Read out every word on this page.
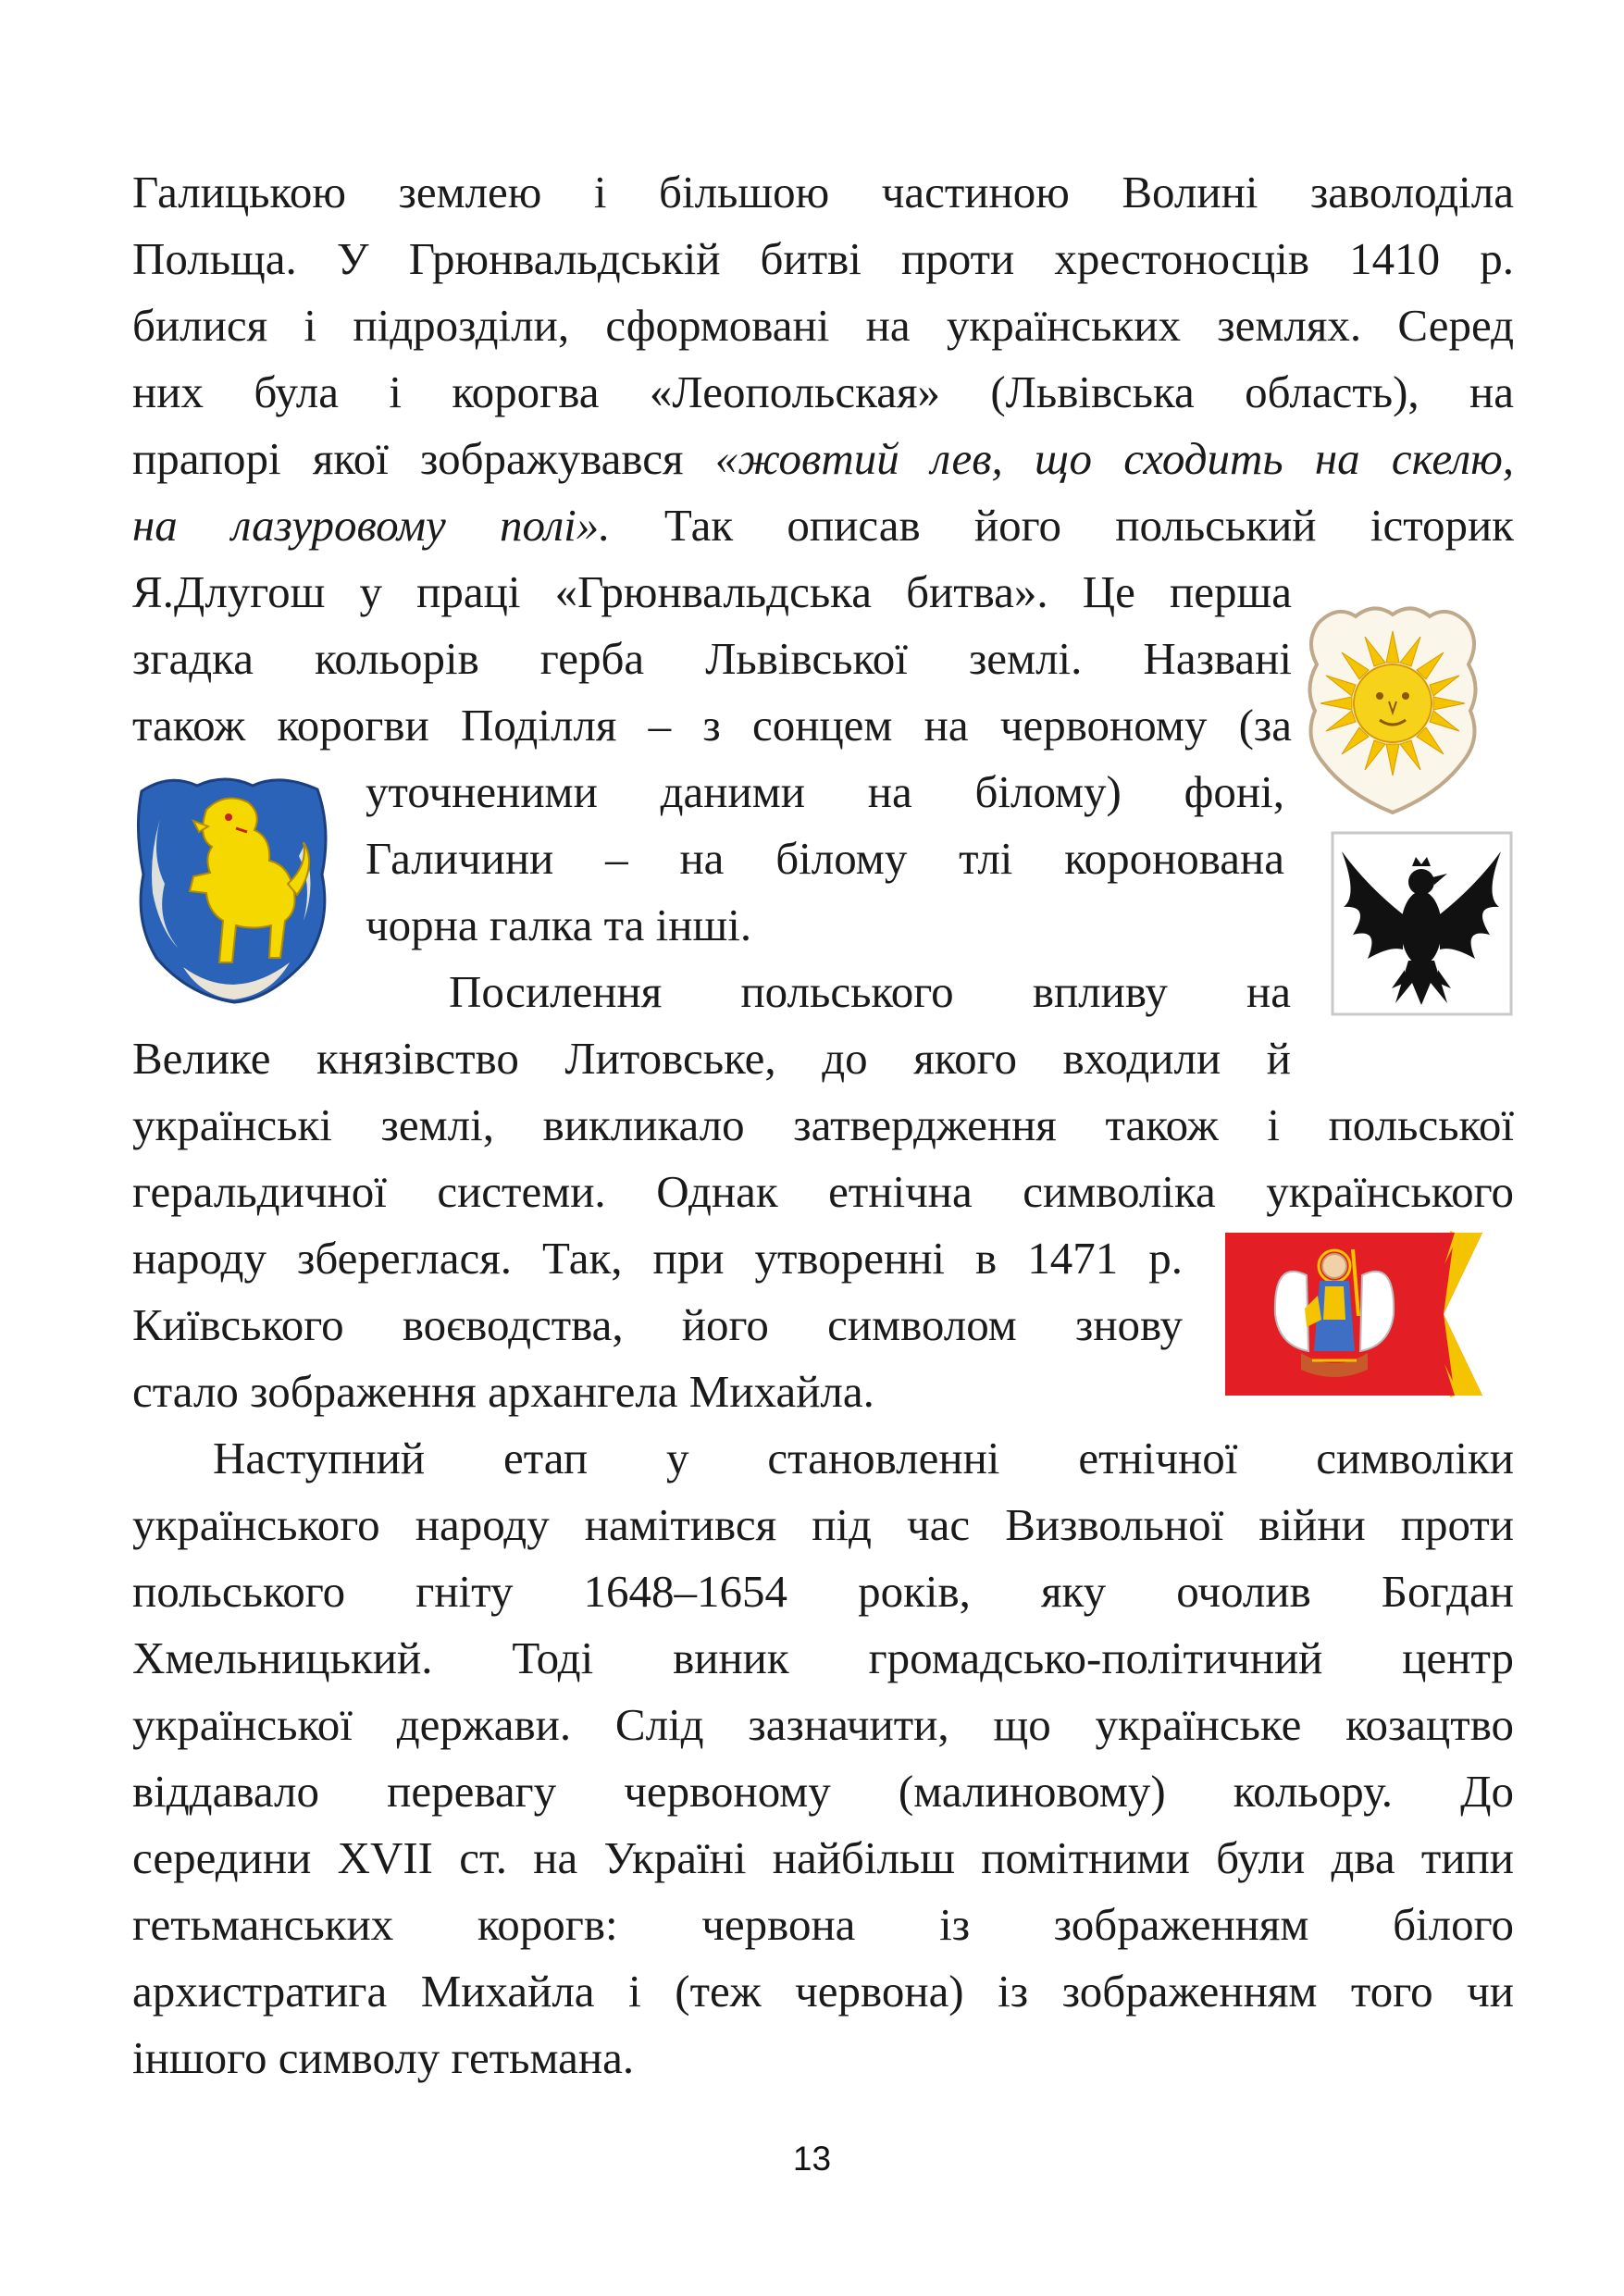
Галицькою землею і більшою частиною Волині заволоділа
Польща. У Грюнвальдській битві проти хрестоносців 1410 р.
билися і підрозділи, сформовані на українських землях. Серед
них була і корогва «Леопольская» (Львівська область), на
прапорі якої зображувався «жовтий лев, що сходить на скелю,
на лазуровому полі». Так описав його польський історик
Я.Длугош у праці «Грюнвальдська битва». Це перша
згадка кольорів герба Львівської землі. Названі
також корогви Поділля – з сонцем на червоному (за
уточненими даними на білому) фоні,
Галичини – на білому тлі коронована
чорна галка та інші.
Посилення польського впливу на
Велике князівство Литовське, до якого входили й
українські землі, викликало затвердження також і польської
геральдичної системи. Однак етнічна символіка українського
народу збереглася. Так, при утворенні в 1471 р.
Київського воєводства, його символом знову
стало зображення архангела Михайла.
Наступний етап у становленні етнічної символіки
українського народу намітився під час Визвольної війни проти
польського гніту 1648–1654 років, яку очолив Богдан
Хмельницький. Тоді виник громадсько-політичний центр
української держави. Слід зазначити, що українське козацтво
віддавало перевагу червоному (малиновому) кольору. До
середини XVII ст. на Україні найбільш помітними були два типи
гетьманських корогв: червона із зображенням білого
архистратига Михайла і (теж червона) із зображенням того чи
іншого символу гетьмана.
13
